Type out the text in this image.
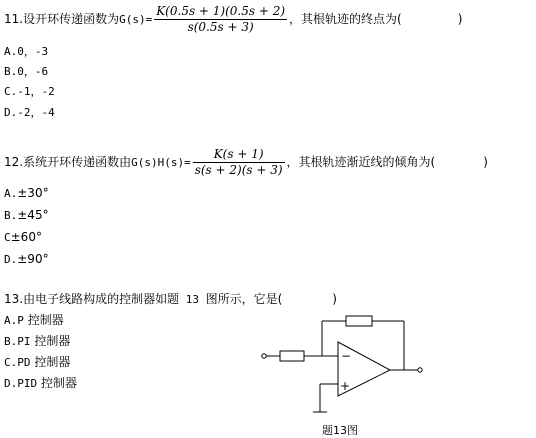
11.设开环传递函数为$G(s)= \frac{K(0.5s + 1)(0.5s + 2)}{s(0.5s + 3)}$ ，其根轨迹的终点为(	)
A.0，-3
B.0，-6
C.-1，-2
D.-2，-4
12.系统开环传递函数由$G(s)H(s)= \frac{K(s + 1)}{s(s + 2)(s + 3)}$ ，其根轨迹渐近线的倾角为(	)
A.±30°
B.±45°
C±60°
D.±90°
13.由电子线路构成的控制器如题 13 图所示，它是(	)
A.P 控制器
B.PI 控制器
C.PD 控制器
D.PID 控制器
−
+
题13图
